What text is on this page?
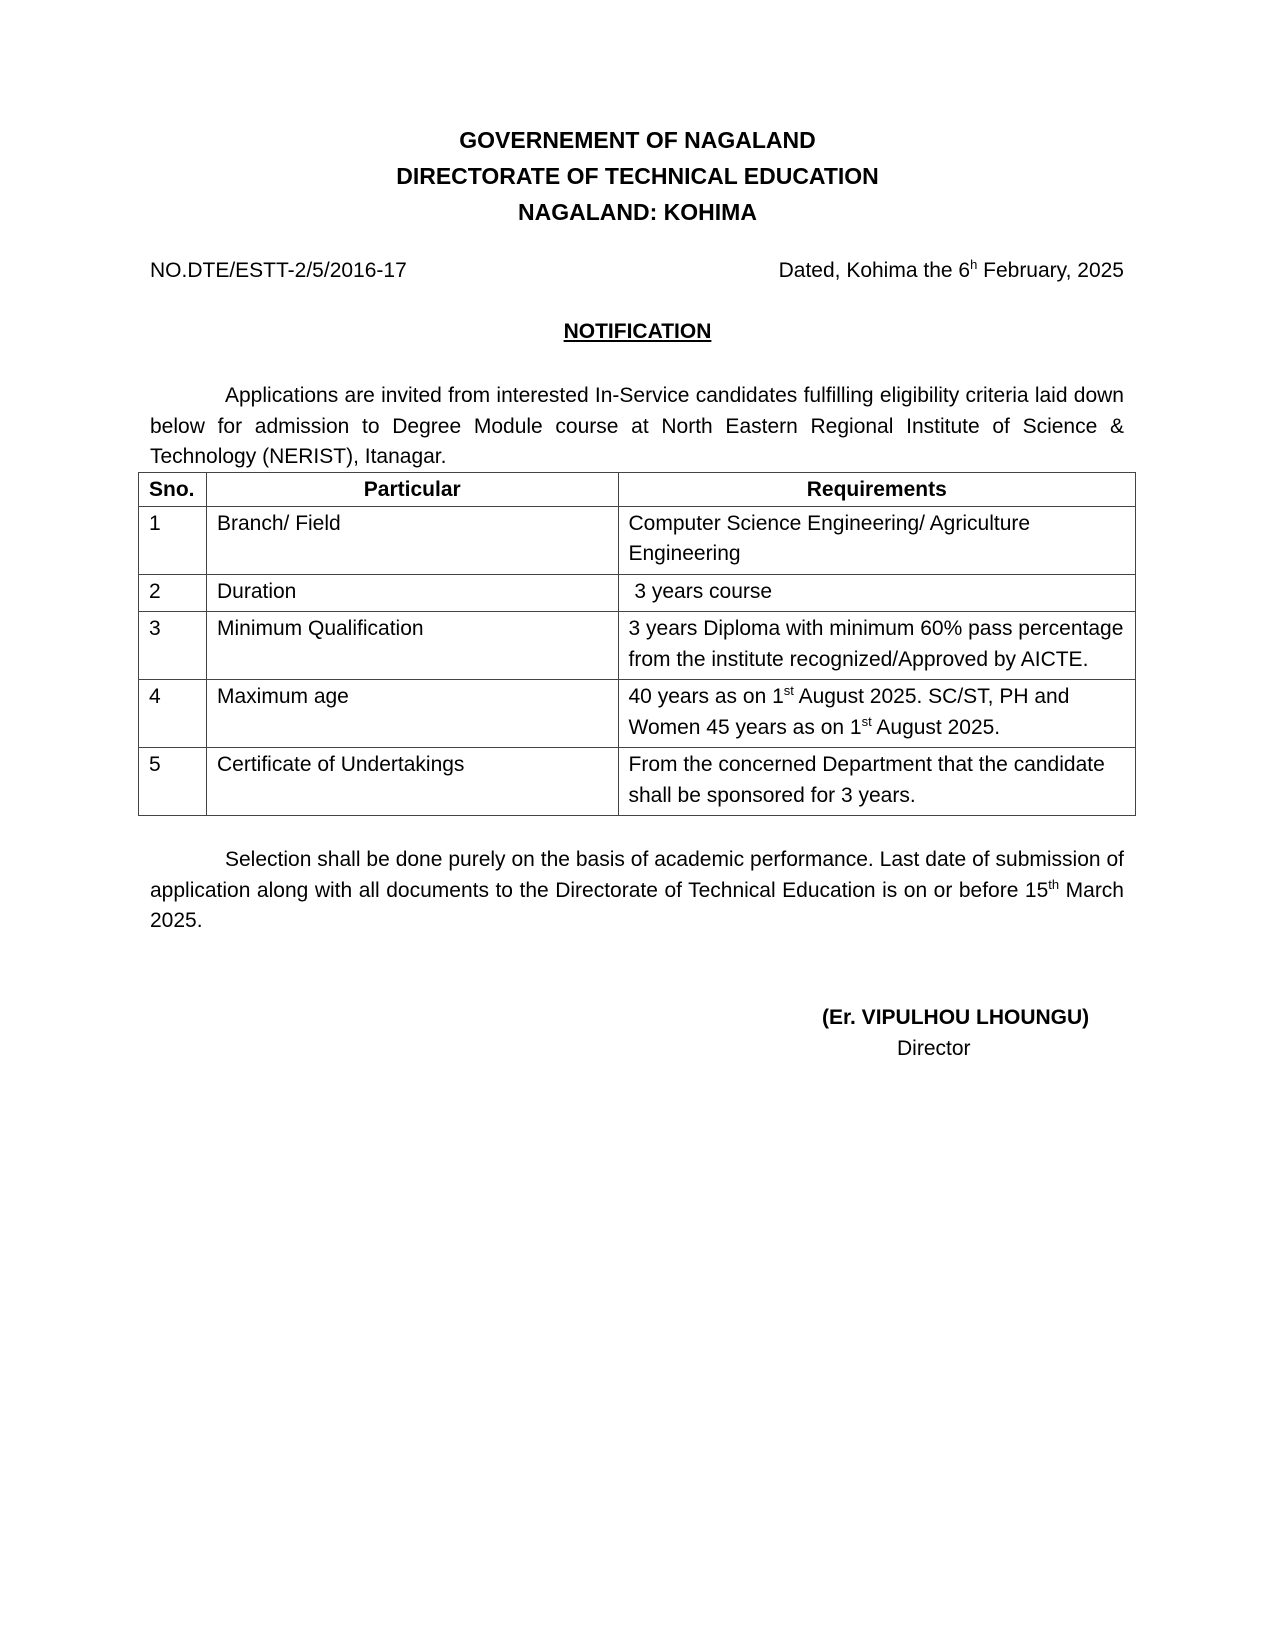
GOVERNEMENT OF NAGALAND
DIRECTORATE OF TECHNICAL EDUCATION
NAGALAND: KOHIMA
NO.DTE/ESTT-2/5/2016-17	Dated, Kohima the 6$^h$ February, 2025
NOTIFICATION

Applications are invited from interested In-Service candidates fulfilling eligibility criteria laid down below for admission to Degree Module course at North Eastern Regional Institute of Science & Technology (NERIST), Itanagar.

Sno.	Particular	Requirements
1	Branch/ Field	Computer Science Engineering/ Agriculture Engineering
2	Duration	3 years course
3	Minimum Qualification	3 years Diploma with minimum 60% pass percentage from the institute recognized/Approved by AICTE.
4	Maximum age	40 years as on 1st August 2025. SC/ST, PH and Women 45 years as on 1st August 2025.
5	Certificate of Undertakings	From the concerned Department that the candidate shall be sponsored for 3 years.

Selection shall be done purely on the basis of academic performance. Last date of submission of application along with all documents to the Directorate of Technical Education is on or before 15th March 2025.

(Er. VIPULHOU LHOUNGU)
Director
